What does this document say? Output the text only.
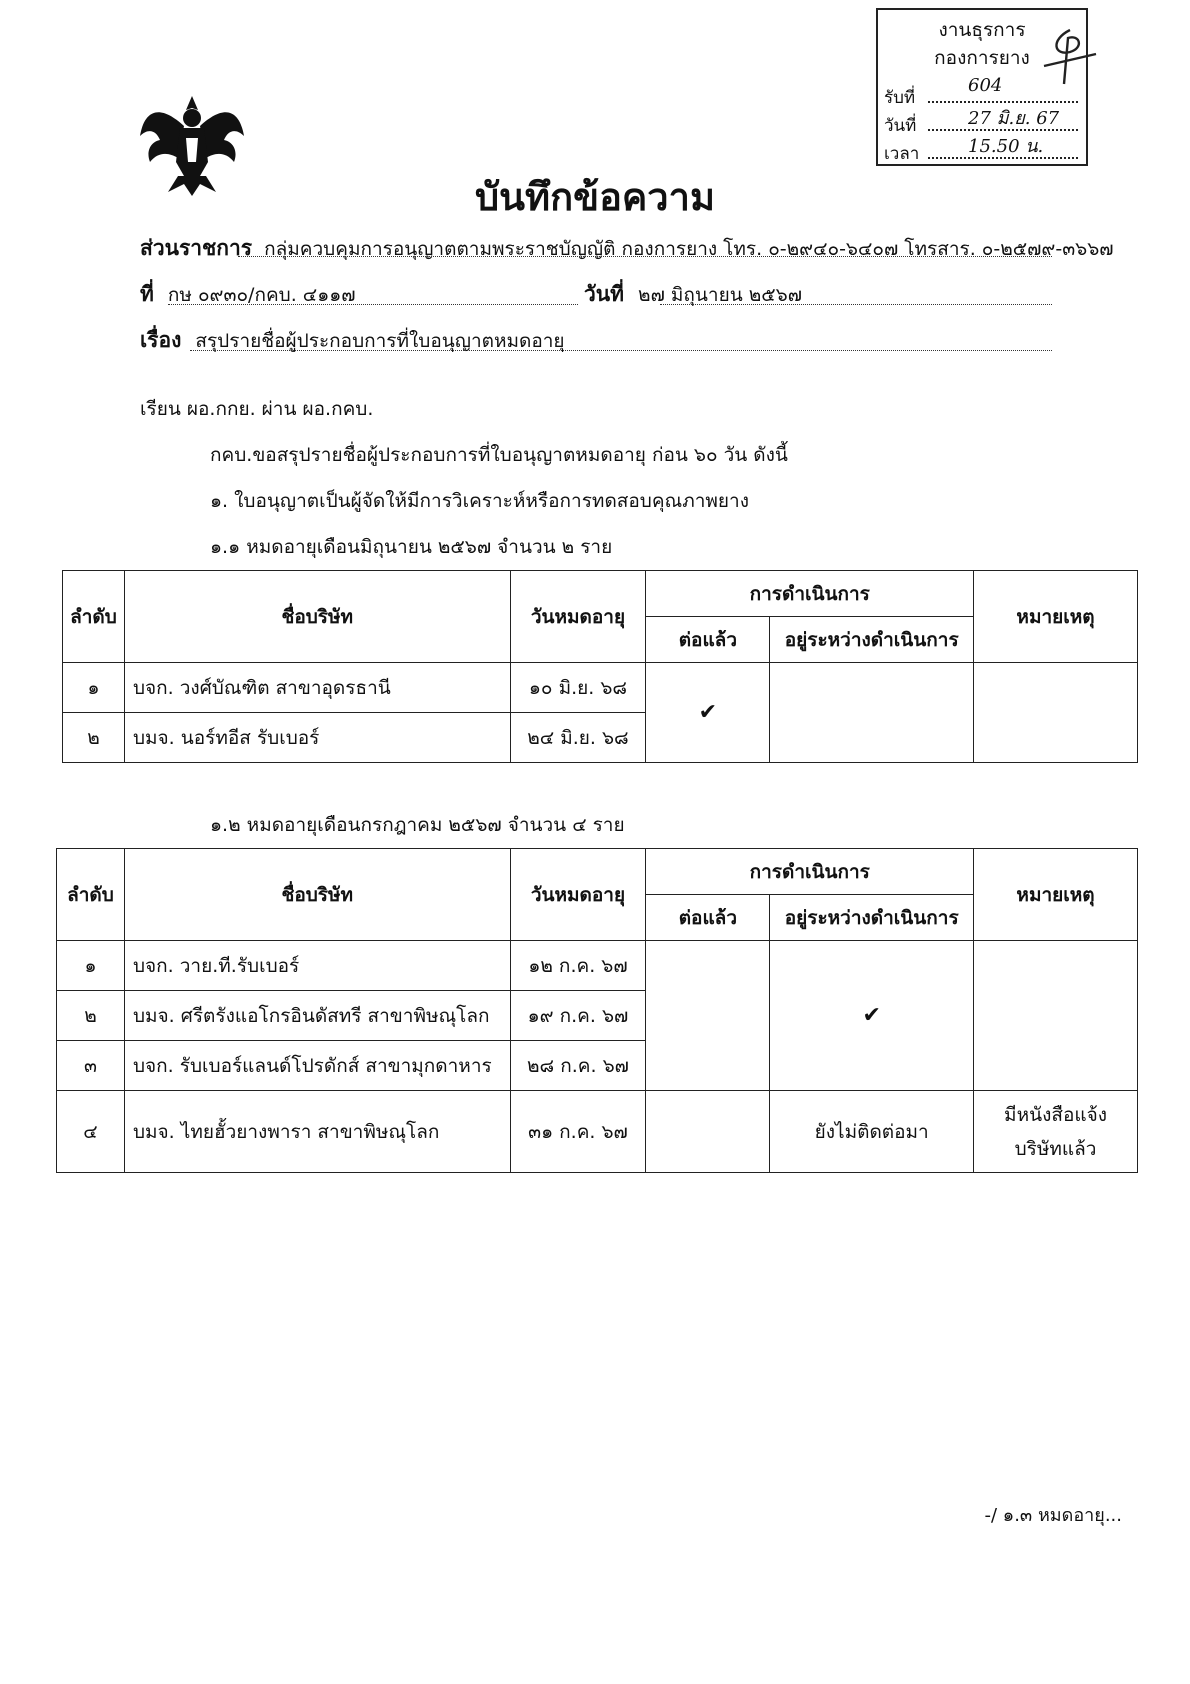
งานธุรการ
กองการยาง
รับที่
604
วันที่	27 มิ.ย. 67
เวลา	15.50 น.
บันทึกข้อความ
ส่วนราชการ กลุ่มควบคุมการอนุญาตตามพระราชบัญญัติ กองการยาง โทร. ๐-๒๙๔๐-๖๔๐๗ โทรสาร. ๐-๒๕๗๙-๓๖๖๗
ที่ กษ ๐๙๓๐/กคบ. ๔๑๑๗	วันที่ ๒๗ มิถุนายน ๒๕๖๗
เรื่อง สรุปรายชื่อผู้ประกอบการที่ใบอนุญาตหมดอายุ
เรียน ผอ.กกย. ผ่าน ผอ.กคบ.
กคบ.ขอสรุปรายชื่อผู้ประกอบการที่ใบอนุญาตหมดอายุ ก่อน ๖๐ วัน ดังนี้
๑. ใบอนุญาตเป็นผู้จัดให้มีการวิเคราะห์หรือการทดสอบคุณภาพยาง
๑.๑ หมดอายุเดือนมิถุนายน ๒๕๖๗ จำนวน ๒ ราย
ลำดับ	ชื่อบริษัท	วันหมดอายุ	การดำเนินการ		หมายเหตุ
			ต่อแล้ว	อยู่ระหว่างดำเนินการ	
๑	บจก. วงศ์บัณฑิต สาขาอุดรธานี	๑๐ มิ.ย. ๖๘	✔		
๒	บมจ. นอร์ทอีส รับเบอร์	๒๔ มิ.ย. ๖๘			
๑.๒ หมดอายุเดือนกรกฎาคม ๒๕๖๗ จำนวน ๔ ราย
ลำดับ	ชื่อบริษัท	วันหมดอายุ	การดำเนินการ		หมายเหตุ
			ต่อแล้ว	อยู่ระหว่างดำเนินการ	
๑	บจก. วาย.ที.รับเบอร์	๑๒ ก.ค. ๖๗		✔	
๒	บมจ. ศรีตรังแอโกรอินดัสทรี สาขาพิษณุโลก	๑๙ ก.ค. ๖๗			
๓	บจก. รับเบอร์แลนด์โปรดักส์ สาขามุกดาหาร	๒๘ ก.ค. ๖๗			
๔	บมจ. ไทยฮั้วยางพารา สาขาพิษณุโลก	๓๑ ก.ค. ๖๗		ยังไม่ติดต่อมา	มีหนังสือแจ้ง
บริษัทแล้ว
-/ ๑.๓ หมดอายุ...
